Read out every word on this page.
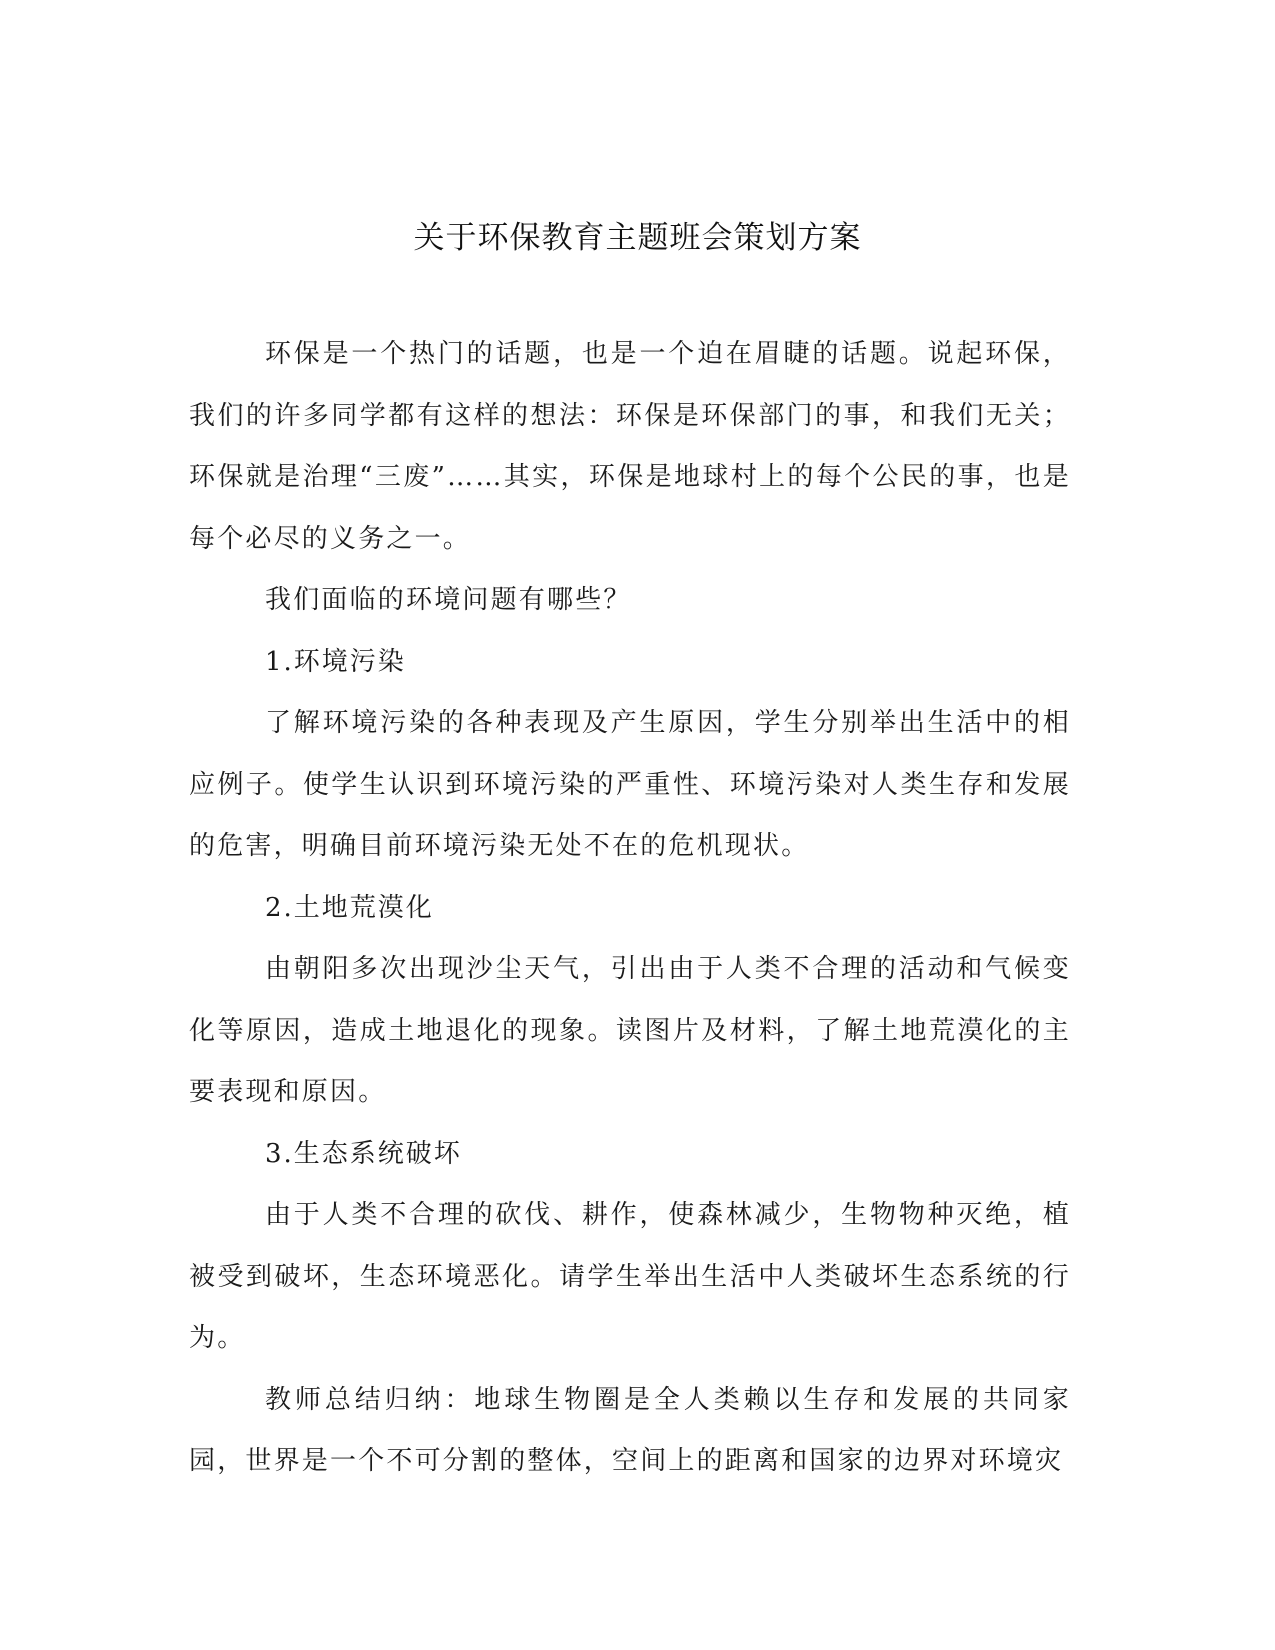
关于环保教育主题班会策划方案

环保是一个热门的话题，也是一个迫在眉睫的话题。说起环保，我们的许多同学都有这样的想法：环保是环保部门的事，和我们无关；环保就是治理“三废”……其实，环保是地球村上的每个公民的事，也是每个必尽的义务之一。

我们面临的环境问题有哪些？

1.环境污染

了解环境污染的各种表现及产生原因，学生分别举出生活中的相应例子。使学生认识到环境污染的严重性、环境污染对人类生存和发展的危害，明确目前环境污染无处不在的危机现状。

2.土地荒漠化

由朝阳多次出现沙尘天气，引出由于人类不合理的活动和气候变化等原因，造成土地退化的现象。读图片及材料，了解土地荒漠化的主要表现和原因。

3.生态系统破坏

由于人类不合理的砍伐、耕作，使森林减少，生物物种灭绝，植被受到破坏，生态环境恶化。请学生举出生活中人类破坏生态系统的行为。

教师总结归纳：地球生物圈是全人类赖以生存和发展的共同家园，世界是一个不可分割的整体，空间上的距离和国家的边界对环境灾
